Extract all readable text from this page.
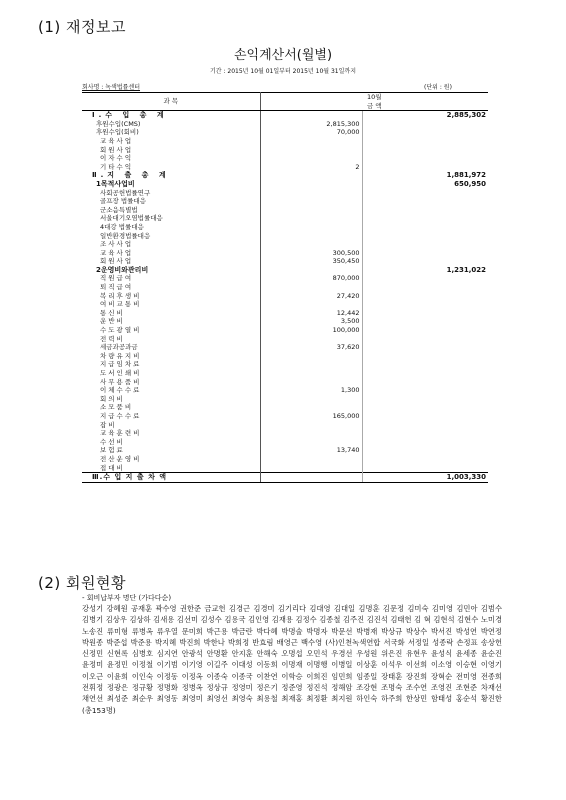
(1) 재정보고
손익계산서(월별)
기간 : 2015년 10월 01일부터 2015년 10월 31일까지
회사명 : 녹색법률센터	(단위 : 원)
과 목	10월	
	금 액	
Ⅰ.수 입 총 계		2,885,302
후원수입(CMS)	2,815,300	
후원수입(회비)	70,000	
교육사업		
회원사업		
이자수익		
기타수익	2	
Ⅱ.지 출 총 계		1,881,972
1목적사업비		650,950
사회공헌법률연구		
골프장 법률대응		
군소음특별법		
서울대기오염법률대응		
4대강 법률대응		
일반환경법률대응		
조사사업		
교육사업	300,500	
회원사업	350,450	
2운영비와관리비		1,231,022
직원급여	870,000	
퇴직급여		
복리후생비	27,420	
여비교통비		
통신비	12,442	
운반비	3,500	
수도광열비	100,000	
전력비		
세금과공과금	37,620	
차량유지비		
지급임차료		
도서인쇄비		
사무용품비		
이체수수료	1,300	
회의비		
소모품비		
지급수수료	165,000	
잡비		
교육훈련비		
수선비		
보험료	13,740	
전산운영비		
접대비		
Ⅲ.수 입 지 출 차 액		1,003,330
(2) 회원현황
- 회비납부자 명단 (가다다순)
강성기 강혜원 공재훈 곽수영 권한준 금교헌 김경근 김경미 김기리다 김대영 김대일 김명훈 김문정 김미숙 김미영 김민아 김범수 김병기 김상우 김상하 김새용 김선미 김성수 김용국 김인영 김재용 김정수 김종철 김주진 김진석 김태헌 김 혁 김현석 김현수 노미경 노송진 류미형 류병옥 류우열 문미희 박근용 박금란 박다혜 박명술 박명자 박문선 박병재 박상규 박상수 박서진 박성연 박연정 박원종 박준섭 박준용 박지혜 박진희 박한나 박희정 반효림 배영근 백수영 (사)인천녹색연합 서국화 서정일 성종락 손정표 송상헌 신정민 신현록 심병호 심지연 안광석 안명환 안지훈 안해숙 오명섭 오민석 우경선 우성원 위은진 유현우 윤성식 윤세종 윤순진 윤정미 윤정민 이정철 이기범 이기영 이길주 이대성 이동희 이명재 이명행 이병일 이상훈 이석우 이선희 이소영 이승현 이영기 이오근 이윤희 이인숙 이정동 이정옥 이종숙 이종국 이찬연 이학승 이희진 임민희 임종일 장태훈 장진희 장혁순 전미영 전종희 전휘정 정광은 정규황 정명화 정병옥 정상규 정영미 정은기 정준영 정진석 정해암 조강현 조명숙 조수연 조영진 조현준 차재선 채연선 최성준 최순우 최영동 최영미 최영선 최영숙 최용철 최재홍 최정환 최지원 하인숙 하주희 한상민 함태성 홍순석 황진한(총153명)
